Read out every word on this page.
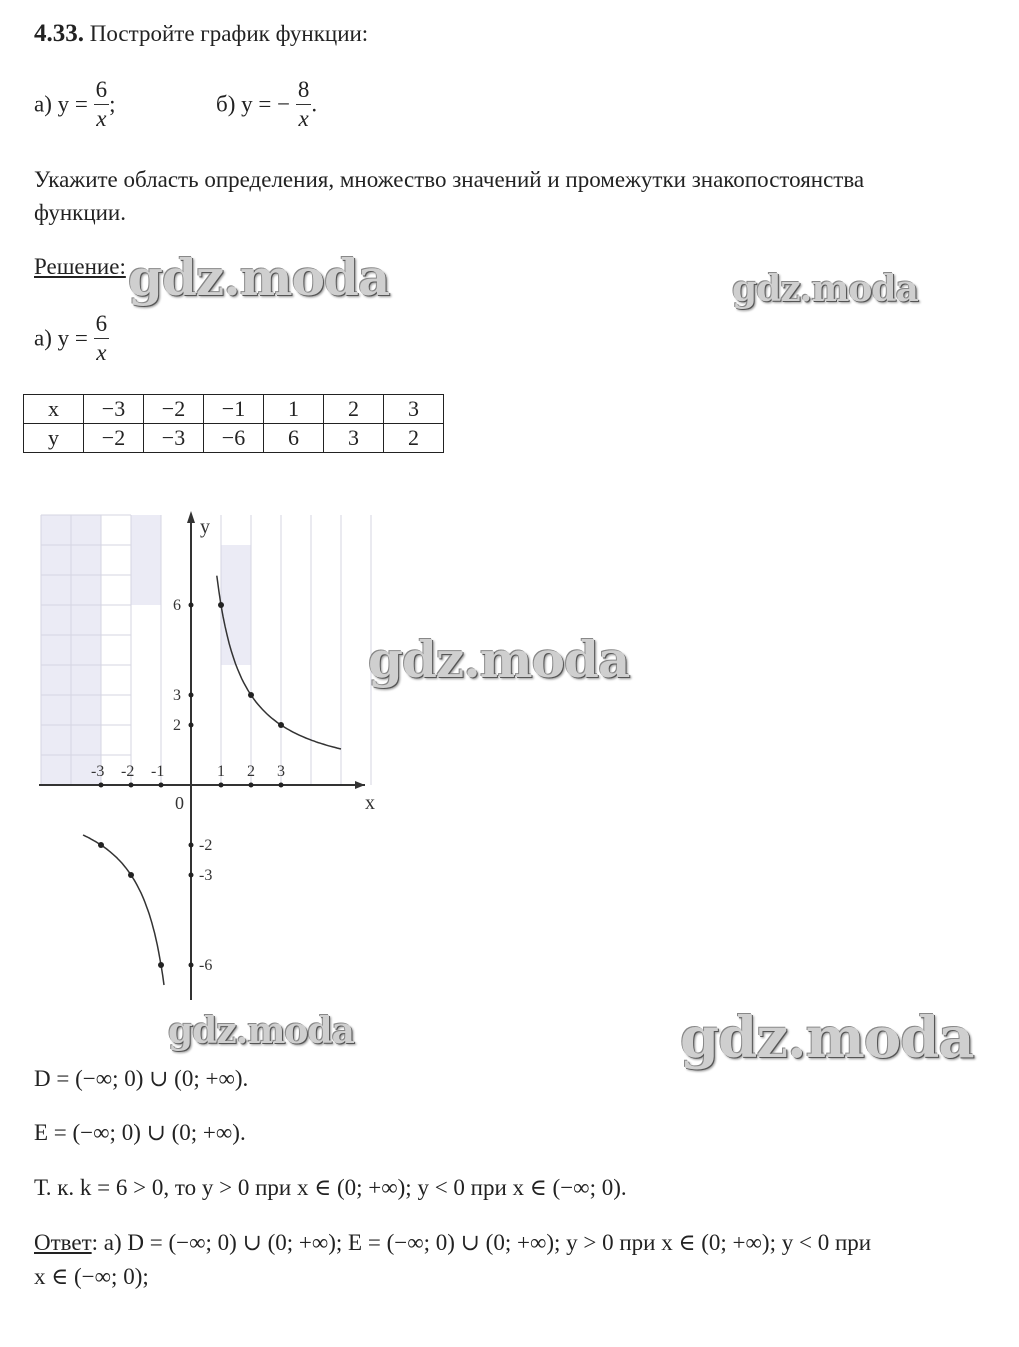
4.33. Постройте график функции:
а) $y = \frac{6}{x}$ ;	б) y = − $\frac{8}{x}$ .
Укажите область определения, множество значений и промежутки знакопостоянства
функции.
Решение:
а) $y = \frac{6}{x}$
x	−3	−2	−1	1	2	3
y	−2	−3	−6	6	3	2
-3 -2 -1	1 2 3
6
3
2
-2
-3
-6
x
y
0
D = (−∞; 0) ∪ (0; +∞).
E = (−∞; 0) ∪ (0; +∞).
Т. к. k = 6 > 0, то y > 0 при x ∈ (0; +∞); y < 0 при x ∈ (−∞; 0).
Ответ: а) D = (−∞; 0) ∪ (0; +∞); E = (−∞; 0) ∪ (0; +∞); y > 0 при x ∈ (0; +∞); y < 0 при
x ∈ (−∞; 0);
gdz.moda	gdz.moda
gdz.moda
gdz.moda	gdz.moda
